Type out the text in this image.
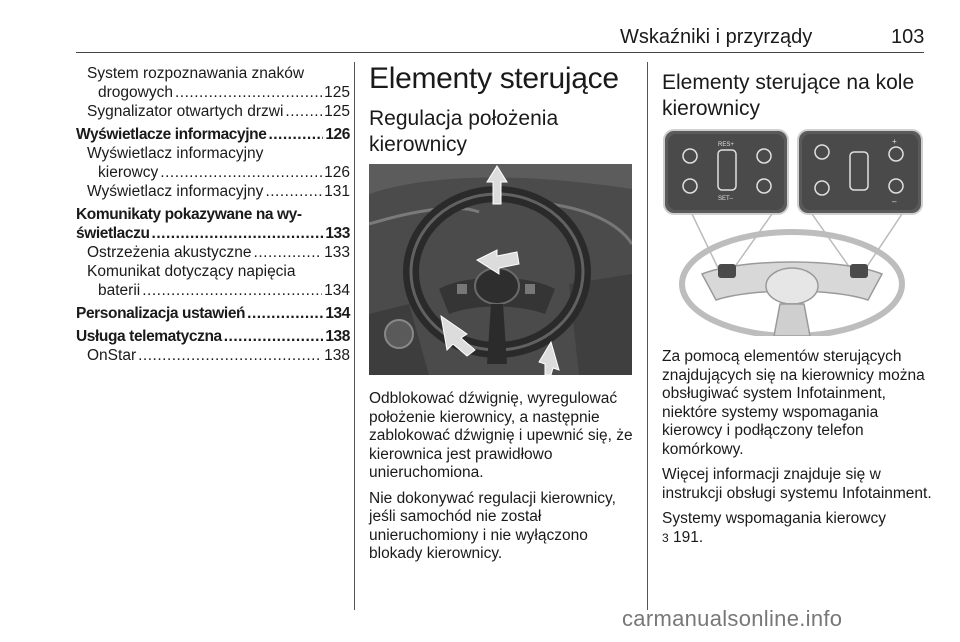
Wskaźniki i przyrządy	103
System rozpoznawania znaków
drogowych .....	125
Sygnalizator otwartych drzwi .....	125
Wyświetlacze informacyjne .....	126
Wyświetlacz informacyjny
kierowcy .....	126
Wyświetlacz informacyjny .....	131
Komunikaty pokazywane na wy-
świetlaczu .....	133
Ostrzeżenia akustyczne .....	133
Komunikat dotyczący napięcia
baterii .....	134
Personalizacja ustawień .....	134
Usługa telematyczna .....	138
OnStar .....	138
Elementy sterujące
Regulacja położenia kierownicy

Odblokować dźwignię, wyregulować położenie kierownicy, a następnie zablokować dźwignię i upewnić się, że kierownica jest prawidłowo unieruchomiona.

Nie dokonywać regulacji kierownicy, jeśli samochód nie został unieruchomiony i nie wyłączono blokady kierownicy.

Elementy sterujące na kole kierownicy
RES+
SET–
+
–

Za pomocą elementów sterujących znajdujących się na kierownicy można obsługiwać system Infotainment, niektóre systemy wspomagania kierowcy i podłączony telefon komórkowy.

Więcej informacji znajduje się w instrukcji obsługi systemu Infotainment.

Systemy wspomagania kierowcy
3 191.

carmanualsonline.info
